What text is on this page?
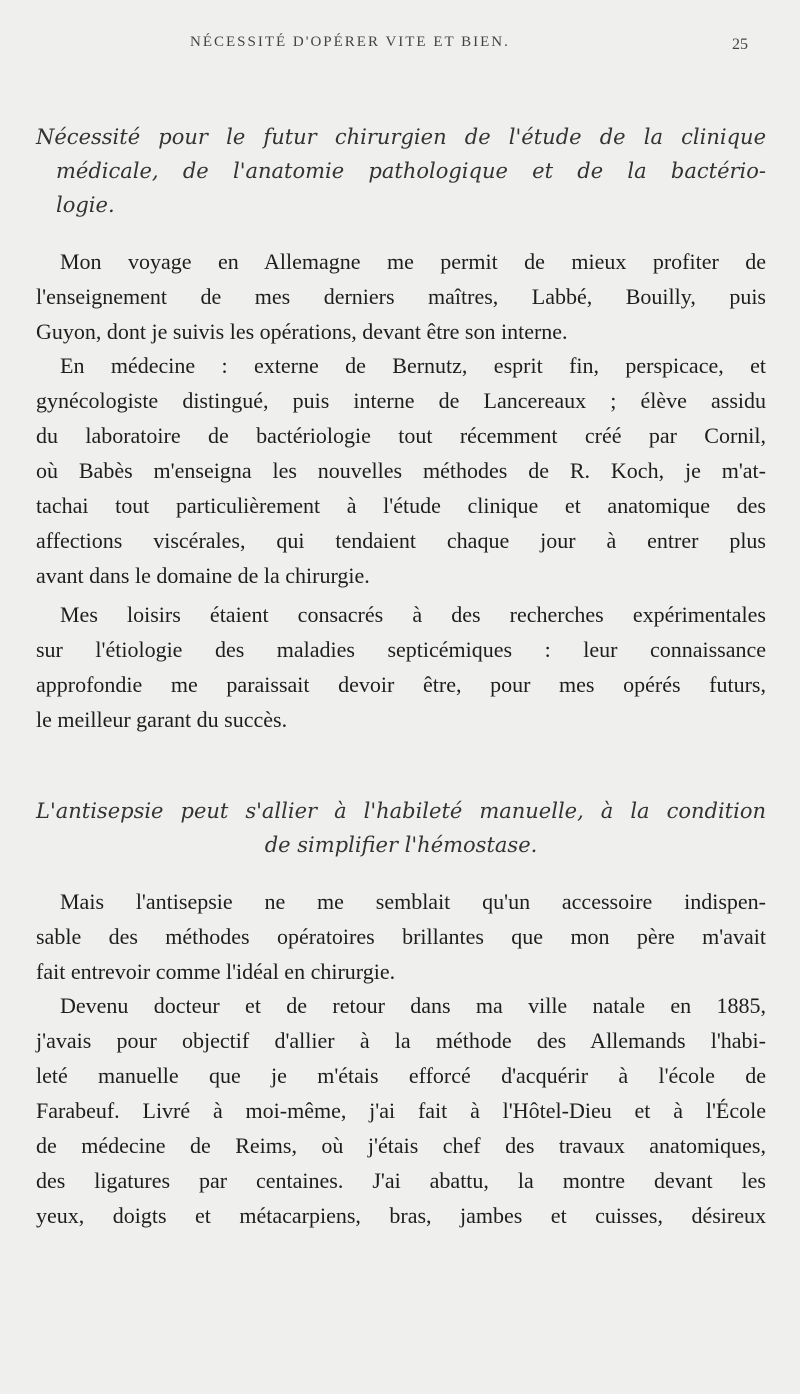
NÉCESSITÉ D'OPÉRER VITE ET BIEN.	25
Nécessité pour le futur chirurgien de l'étude de la clinique
médicale, de l'anatomie pathologique et de la bactério-
logie.
Mon voyage en Allemagne me permit de mieux profiter de
l'enseignement de mes derniers maîtres, Labbé, Bouilly, puis
Guyon, dont je suivis les opérations, devant être son interne.
En médecine : externe de Bernutz, esprit fin, perspicace, et
gynécologiste distingué, puis interne de Lancereaux ; élève assidu
du laboratoire de bactériologie tout récemment créé par Cornil,
où Babès m'enseigna les nouvelles méthodes de R. Koch, je m'at-
tachai tout particulièrement à l'étude clinique et anatomique des
affections viscérales, qui tendaient chaque jour à entrer plus
avant dans le domaine de la chirurgie.
Mes loisirs étaient consacrés à des recherches expérimentales
sur l'étiologie des maladies septicémiques : leur connaissance
approfondie me paraissait devoir être, pour mes opérés futurs,
le meilleur garant du succès.
L'antisepsie peut s'allier à l'habileté manuelle, à la condition
de simplifier l'hémostase.
Mais l'antisepsie ne me semblait qu'un accessoire indispen-
sable des méthodes opératoires brillantes que mon père m'avait
fait entrevoir comme l'idéal en chirurgie.
Devenu docteur et de retour dans ma ville natale en 1885,
j'avais pour objectif d'allier à la méthode des Allemands l'habi-
leté manuelle que je m'étais efforcé d'acquérir à l'école de
Farabeuf. Livré à moi-même, j'ai fait à l'Hôtel-Dieu et à l'École
de médecine de Reims, où j'étais chef des travaux anatomiques,
des ligatures par centaines. J'ai abattu, la montre devant les
yeux, doigts et métacarpiens, bras, jambes et cuisses, désireux
